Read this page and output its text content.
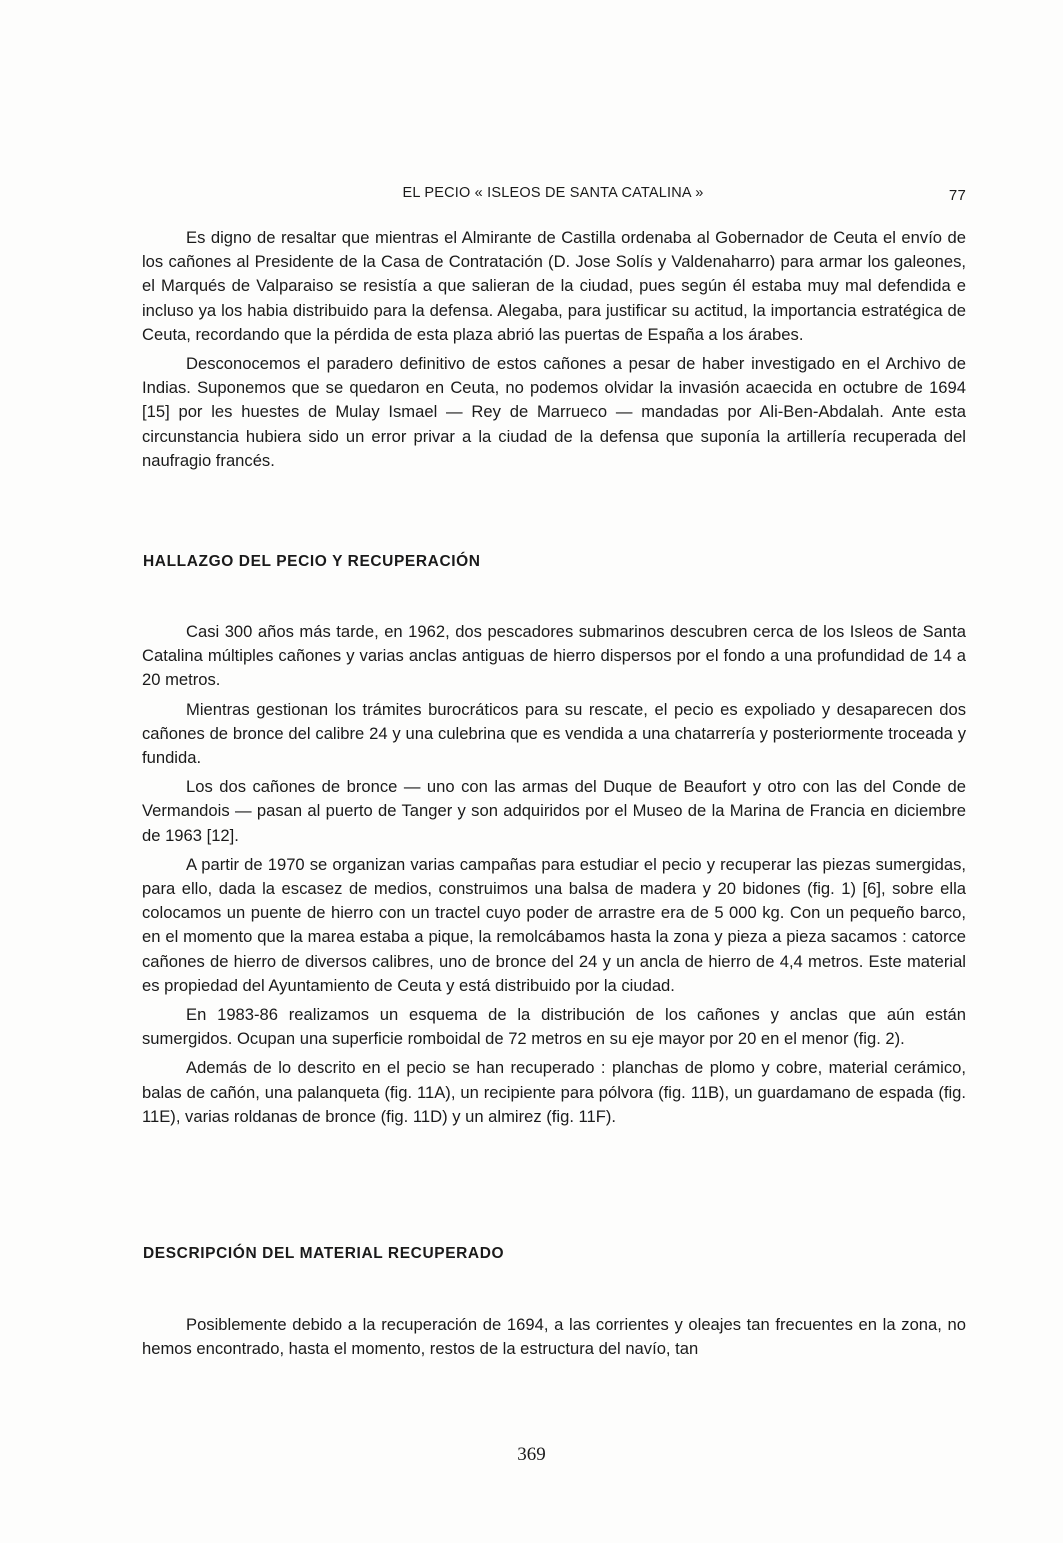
EL PECIO « ISLEOS DE SANTA CATALINA »	77

Es digno de resaltar que mientras el Almirante de Castilla ordenaba al Gobernador de Ceuta el envío de los cañones al Presidente de la Casa de Contratación (D. Jose Solís y Valdenaharro) para armar los galeones, el Marqués de Valparaiso se resistía a que salieran de la ciudad, pues según él estaba muy mal defendida e incluso ya los habia distribuido para la defensa. Alegaba, para justificar su actitud, la importancia estratégica de Ceuta, recordando que la pérdida de esta plaza abrió las puertas de España a los árabes.

Desconocemos el paradero definitivo de estos cañones a pesar de haber investigado en el Archivo de Indias. Suponemos que se quedaron en Ceuta, no podemos olvidar la invasión acaecida en octubre de 1694 [15] por les huestes de Mulay Ismael — Rey de Marrueco — mandadas por Ali-Ben-Abdalah. Ante esta circunstancia hubiera sido un error privar a la ciudad de la defensa que suponía la artillería recuperada del naufragio francés.

HALLAZGO DEL PECIO Y RECUPERACIÓN

Casi 300 años más tarde, en 1962, dos pescadores submarinos descubren cerca de los Isleos de Santa Catalina múltiples cañones y varias anclas antiguas de hierro dispersos por el fondo a una profundidad de 14 a 20 metros.

Mientras gestionan los trámites burocráticos para su rescate, el pecio es expoliado y desaparecen dos cañones de bronce del calibre 24 y una culebrina que es vendida a una chatarrería y posteriormente troceada y fundida.

Los dos cañones de bronce — uno con las armas del Duque de Beaufort y otro con las del Conde de Vermandois — pasan al puerto de Tanger y son adquiridos por el Museo de la Marina de Francia en diciembre de 1963 [12].

A partir de 1970 se organizan varias campañas para estudiar el pecio y recuperar las piezas sumergidas, para ello, dada la escasez de medios, construimos una balsa de madera y 20 bidones (fig. 1) [6], sobre ella colocamos un puente de hierro con un tractel cuyo poder de arrastre era de 5 000 kg. Con un pequeño barco, en el momento que la marea estaba a pique, la remolcábamos hasta la zona y pieza a pieza sacamos : catorce cañones de hierro de diversos calibres, uno de bronce del 24 y un ancla de hierro de 4,4 metros. Este material es propiedad del Ayuntamiento de Ceuta y está distribuido por la ciudad.

En 1983-86 realizamos un esquema de la distribución de los cañones y anclas que aún están sumergidos. Ocupan una superficie romboidal de 72 metros en su eje mayor por 20 en el menor (fig. 2).

Además de lo descrito en el pecio se han recuperado : planchas de plomo y cobre, material cerámico, balas de cañón, una palanqueta (fig. 11A), un recipiente para pólvora (fig. 11B), un guardamano de espada (fig. 11E), varias roldanas de bronce (fig. 11D) y un almirez (fig. 11F).

DESCRIPCIÓN DEL MATERIAL RECUPERADO

Posiblemente debido a la recuperación de 1694, a las corrientes y oleajes tan frecuentes en la zona, no hemos encontrado, hasta el momento, restos de la estructura del navío, tan

369
